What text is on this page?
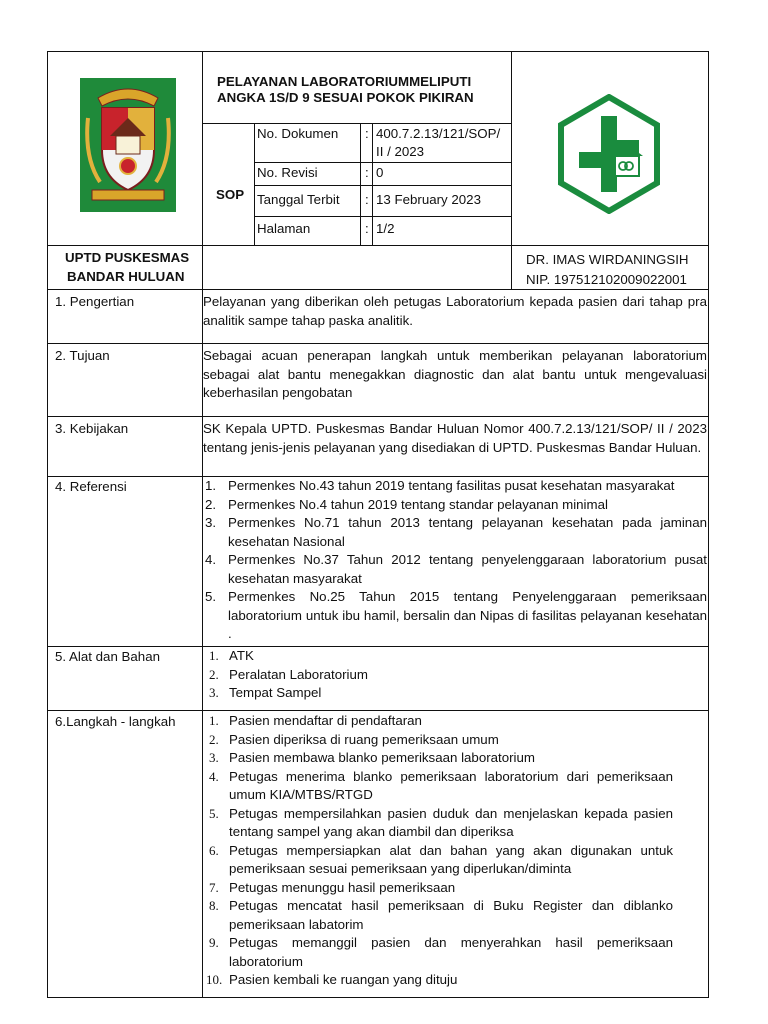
PELAYANAN LABORATORIUMMELIPUTI
ANGKA 1S/D 9 SESUAI POKOK PIKIRAN
SOP
No. Dokumen : 400.7.2.13/121/SOP/
II / 2023
No. Revisi	: 0
Tanggal Terbit : 13 February 2023
Halaman	: 1/2
UPTD PUSKESMAS
BANDAR HULUAN
DR. IMAS WIRDANINGSIH
NIP. 197512102009022001
1. Pengertian	Pelayanan yang diberikan oleh petugas Laboratorium kepada pasien dari tahap pra analitik sampe tahap paska analitik.
2. Tujuan	Sebagai acuan penerapan langkah untuk memberikan pelayanan laboratorium sebagai alat bantu menegakkan diagnostic dan alat bantu untuk mengevaluasi keberhasilan pengobatan
3. Kebijakan	SK Kepala UPTD. Puskesmas Bandar Huluan Nomor 400.7.2.13/121/SOP/ II / 2023 tentang jenis-jenis pelayanan yang disediakan di UPTD. Puskesmas Bandar Huluan.
4. Referensi	1. Permenkes No.43 tahun 2019 tentang fasilitas pusat kesehatan masyarakat
2. Permenkes No.4 tahun 2019 tentang standar pelayanan minimal
3. Permenkes No.71 tahun 2013 tentang pelayanan kesehatan pada jaminan kesehatan Nasional
4. Permenkes No.37 Tahun 2012 tentang penyelenggaraan laboratorium pusat kesehatan masyarakat
5. Permenkes No.25 Tahun 2015 tentang Penyelenggaraan pemeriksaan laboratorium untuk ibu hamil, bersalin dan Nipas di fasilitas pelayanan kesehatan .
5. Alat dan Bahan	1. ATK
2. Peralatan Laboratorium
3. Tempat Sampel
6.Langkah - langkah	1. Pasien mendaftar di pendaftaran
2. Pasien diperiksa di ruang pemeriksaan umum
3. Pasien membawa blanko pemeriksaan laboratorium
4. Petugas menerima blanko pemeriksaan laboratorium dari pemeriksaan umum KIA/MTBS/RTGD
5. Petugas mempersilahkan pasien duduk dan menjelaskan kepada pasien tentang sampel yang akan diambil dan diperiksa
6. Petugas mempersiapkan alat dan bahan yang akan digunakan untuk pemeriksaan sesuai pemeriksaan yang diperlukan/diminta
7. Petugas menunggu hasil pemeriksaan
8. Petugas mencatat hasil pemeriksaan di Buku Register dan diblanko pemeriksaan labatorim
9. Petugas memanggil pasien dan menyerahkan hasil pemeriksaan laboratorium
10. Pasien kembali ke ruangan yang dituju
